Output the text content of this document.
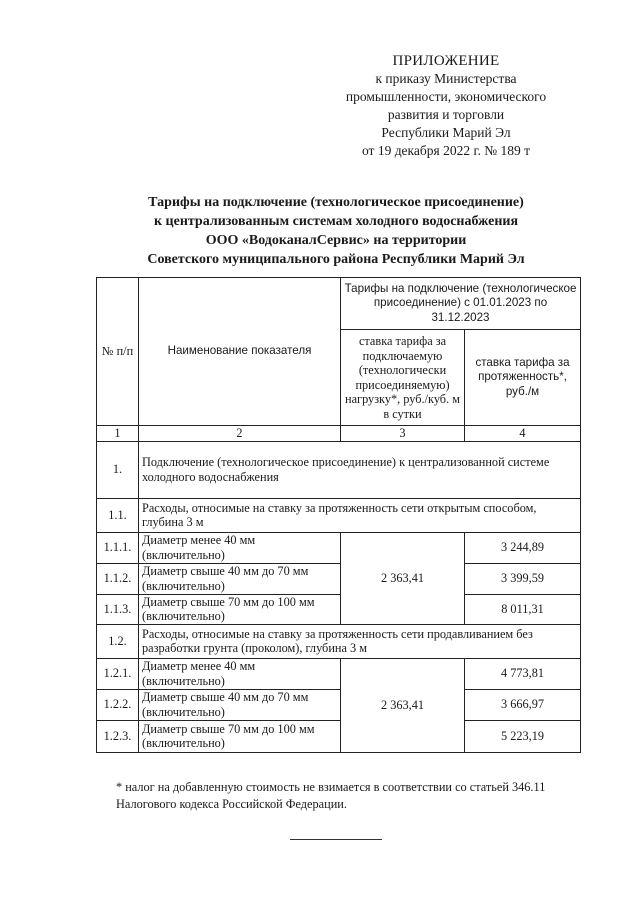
ПРИЛОЖЕНИЕ
к приказу Министерства
промышленности, экономического
развития и торговли
Республики Марий Эл
от 19 декабря 2022 г. № 189 т
Тарифы на подключение (технологическое присоединение)
к централизованным системам холодного водоснабжения
ООО «ВодоканалСервис» на территории
Советского муниципального района Республики Марий Эл
№ п/п	Наименование показателя	Тарифы на подключение (технологическое присоединение) с 01.01.2023 по 31.12.2023	
		ставка тарифа за подключаемую (технологически присоединяемую) нагрузку*, руб./куб. м в сутки	ставка тарифа за протяженность*, руб./м
1	2	3	4
1.	Подключение (технологическое присоединение) к централизованной системе холодного водоснабжения		
1.1.	Расходы, относимые на ставку за протяженность сети открытым способом, глубина 3 м		
1.1.1.	Диаметр менее 40 мм (включительно)	2 363,41	3 244,89
1.1.2.	Диаметр свыше 40 мм до 70 мм (включительно)		3 399,59
1.1.3.	Диаметр свыше 70 мм до 100 мм (включительно)		8 011,31
1.2.	Расходы, относимые на ставку за протяженность сети продавливанием без разработки грунта (проколом), глубина 3 м		
1.2.1.	Диаметр менее 40 мм (включительно)	2 363,41	4 773,81
1.2.2.	Диаметр свыше 40 мм до 70 мм (включительно)		3 666,97
1.2.3.	Диаметр свыше 70 мм до 100 мм (включительно)		5 223,19
* налог на добавленную стоимость не взимается в соответствии со статьей 346.11
Налогового кодекса Российской Федерации.
